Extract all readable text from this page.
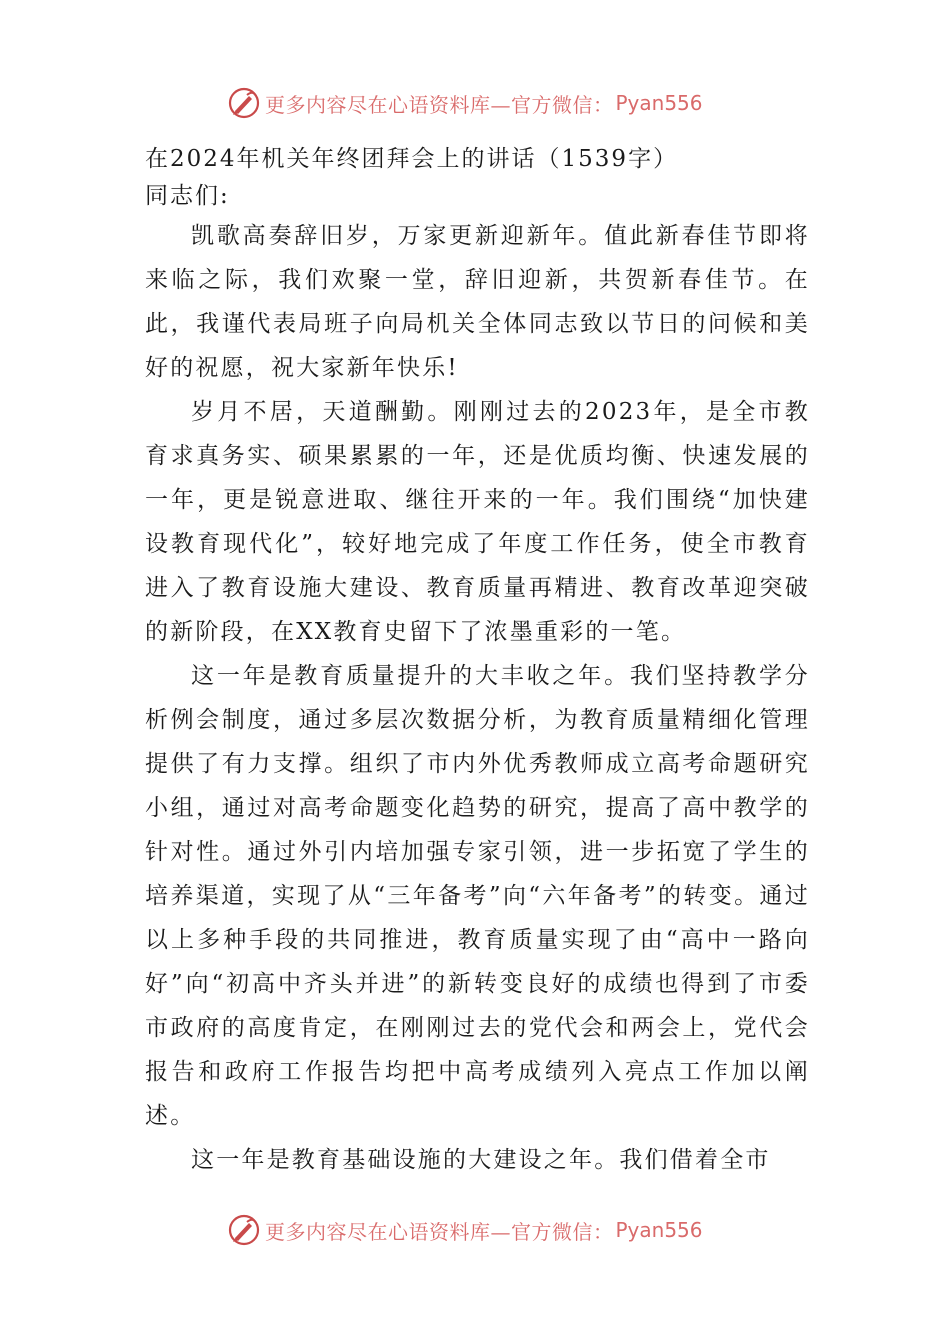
更多内容尽在心语资料库—官方微信： Pyan556
在2024年机关年终团拜会上的讲话（1539字）
同志们:

凯歌高奏辞旧岁，万家更新迎新年。值此新春佳节即将来临之际，我们欢聚一堂，辞旧迎新，共贺新春佳节。在此，我谨代表局班子向局机关全体同志致以节日的问候和美好的祝愿，祝大家新年快乐!

岁月不居，天道酬勤。刚刚过去的2023年，是全市教育求真务实、硕果累累的一年，还是优质均衡、快速发展的一年，更是锐意进取、继往开来的一年。我们围绕“加快建设教育现代化”，较好地完成了年度工作任务，使全市教育进入了教育设施大建设、教育质量再精进、教育改革迎突破的新阶段，在XX教育史留下了浓墨重彩的一笔。

这一年是教育质量提升的大丰收之年。我们坚持教学分析例会制度，通过多层次数据分析，为教育质量精细化管理提供了有力支撑。组织了市内外优秀教师成立高考命题研究小组，通过对高考命题变化趋势的研究，提高了高中教学的针对性。通过外引内培加强专家引领，进一步拓宽了学生的培养渠道，实现了从“三年备考”向“六年备考”的转变。通过以上多种手段的共同推进，教育质量实现了由“高中一路向好”向“初高中齐头并进”的新转变良好的成绩也得到了市委市政府的高度肯定，在刚刚过去的党代会和两会上，党代会报告和政府工作报告均把中高考成绩列入亮点工作加以阐述。

这一年是教育基础设施的大建设之年。我们借着全市

更多内容尽在心语资料库—官方微信： Pyan556
